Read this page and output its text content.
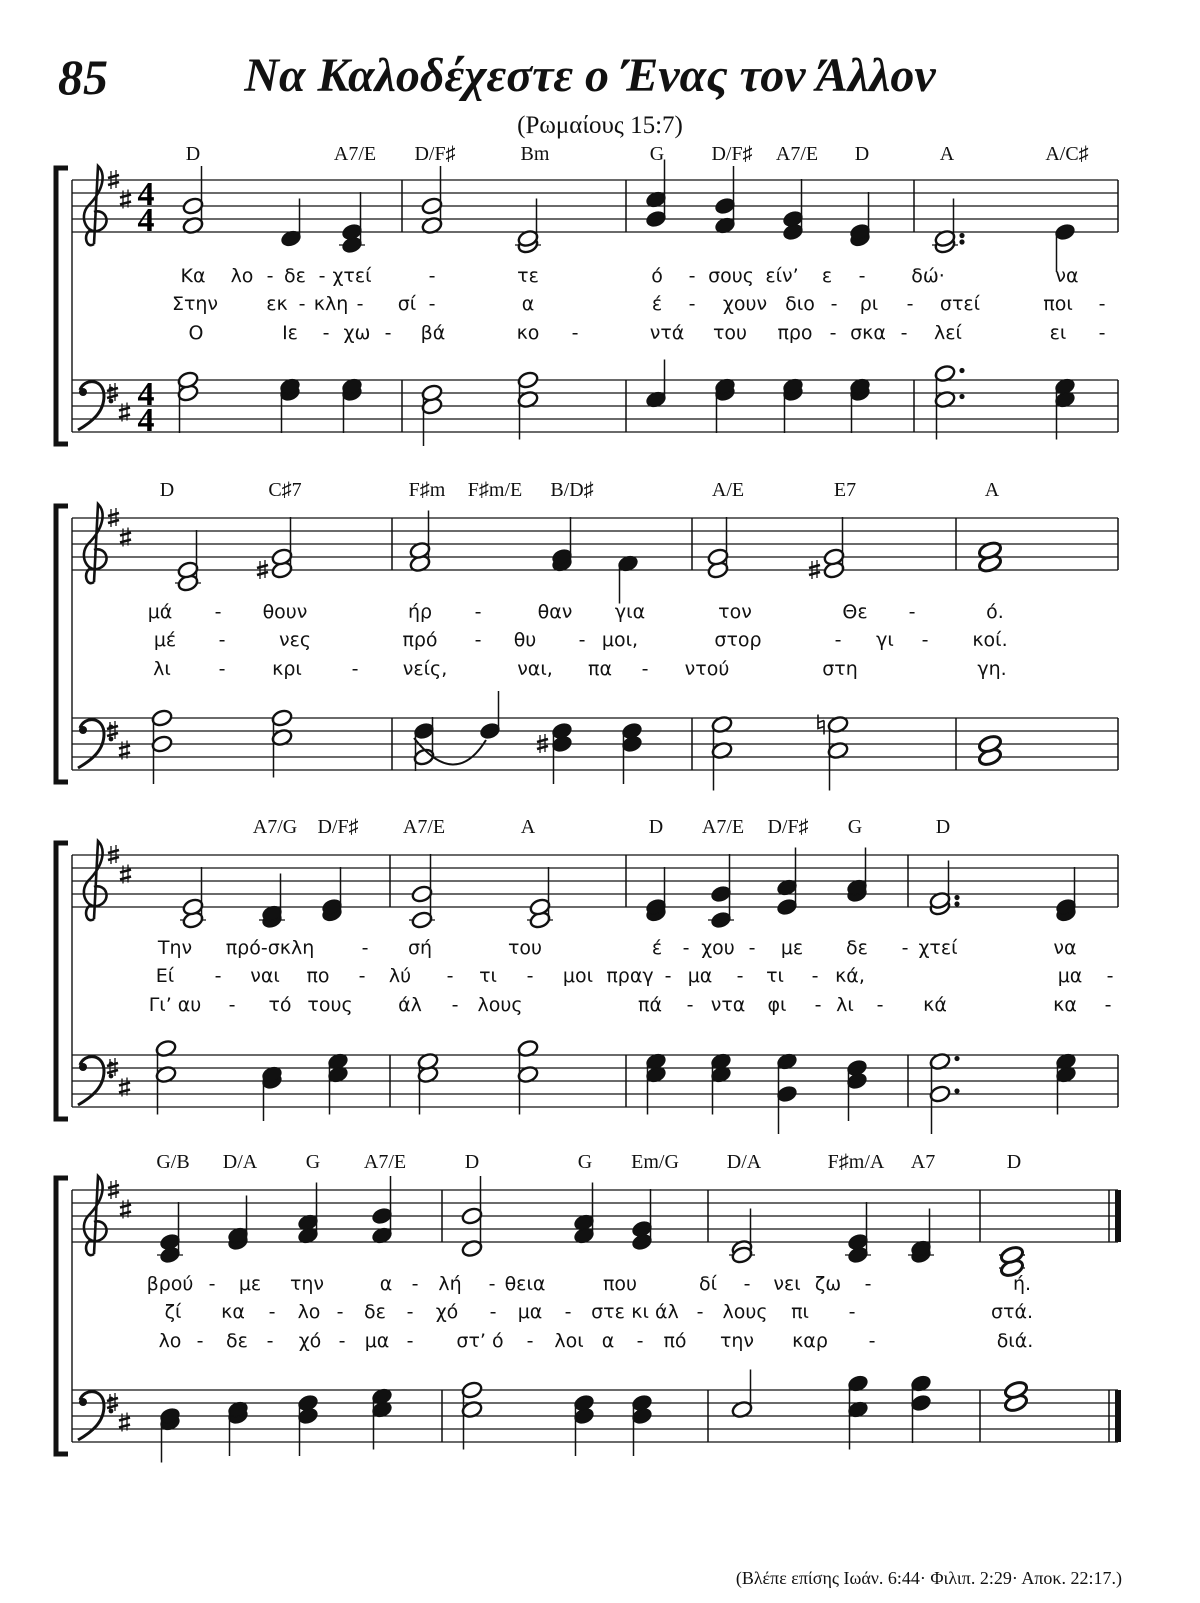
85	Να Καλοδέχεστε ο Ένας τον Άλλον
(Ρωμαίους 15:7)
4
4
4
4
D	A7/E D/F♯	Bm	G D/F♯ A7/E D	A	A/C♯
Κα λο - δε - χτεί	-	τε	ό - σους είν’ ε - δώ·	να
Στην	εκ - κλη - σί -	α	έ - χουν διο - ρι - στεί	ποι -
Ο	Ιε - χω - βά	κο -	ντά του προ - σκα - λεί	ει -
D	C♯7	F♯m F♯m/E B/D♯	A/E	E7	A
μά - θουν	ήρ -	θαν για	τον	Θε -	ό.
μέ -	νες	πρό - θυ - μοι,	στορ	- γι - κοί.
λι	- κρι	- νείς,	ναι, πα - ντού	στη	γη.
A7/G D/F♯ A7/E	A	D A7/E D/F♯ G	D
Την πρό-σκλη - σή	του	έ - χου - με δε - χτεί	να
Εί - ναι πο - λύ - τι - μοι πραγ - μα - τι - κά,	μα -
Γι’ αυ - τό τους άλ - λους	πά - ντα φι - λι - κά	κα -
G/B D/A G A7/E	D	G Em/G D/A	F♯m/A A7	D
βρού - με την	α - λή - θεια	που	δί - νει ζω -	ή.
ζί κα - λο - δε - χό - μα - στε κι άλ - λους πι -	στά.
λο - δε - χό - μα - στ’ ό - λοι α - πό την καρ -	διά.
(Βλέπε επίσης Ιωάν. 6:44· Φιλιπ. 2:29· Αποκ. 22:17.)
